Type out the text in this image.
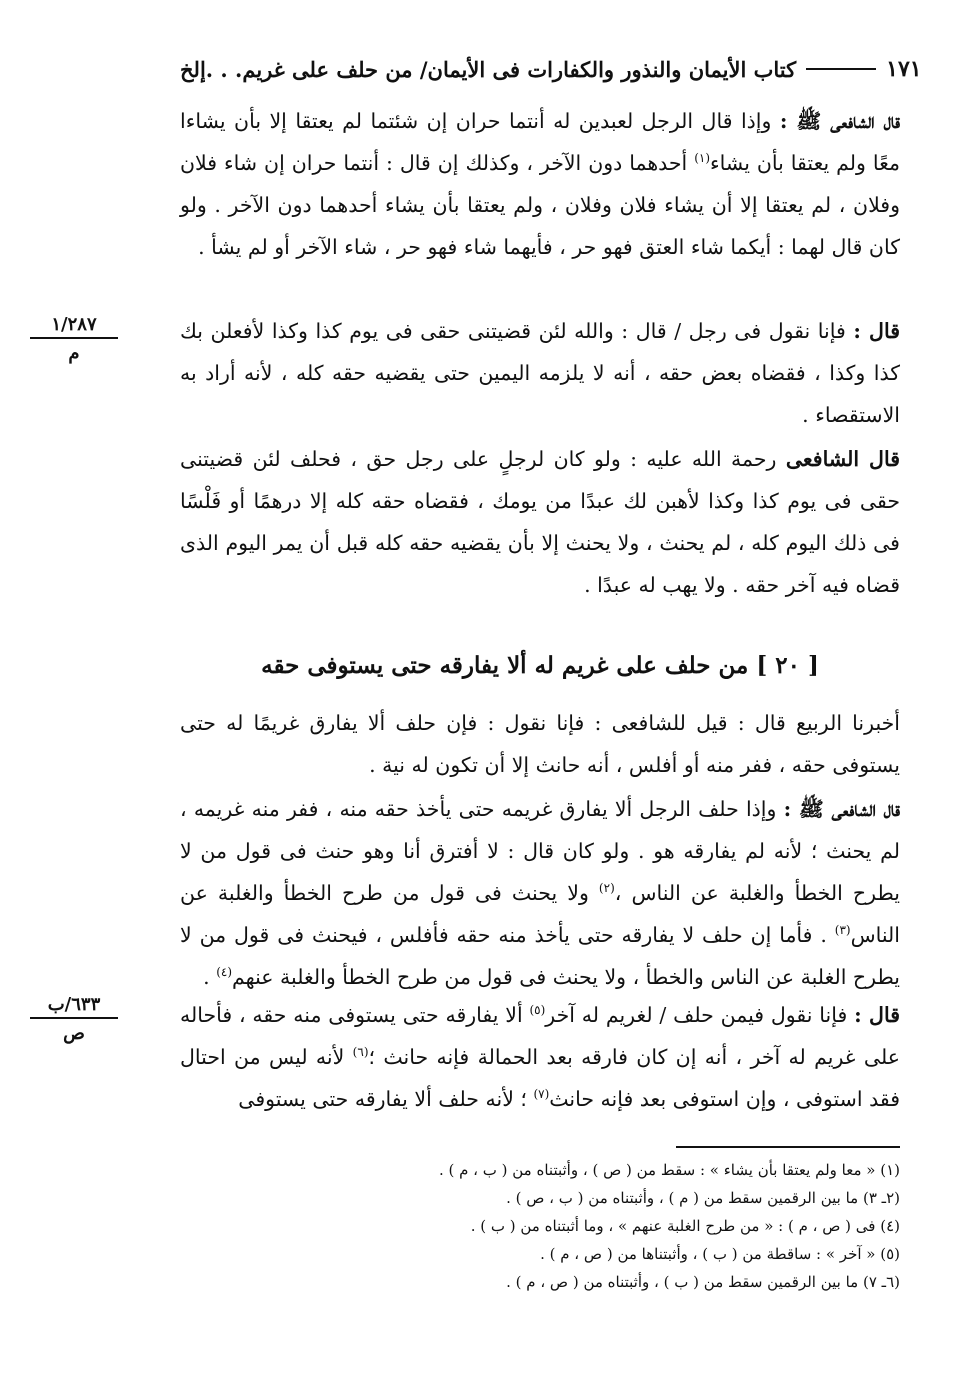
كتاب الأيمان والنذور والكفارات فى الأيمان/ من حلف على غريم. . .إلخ	١٧١
قال الشافعى ﷺ : وإذا قال الرجل لعبدين له أنتما حران إن شئتما لم يعتقا إلا بأن يشاءا معًا ولم يعتقا بأن يشاء$^{(١)}$ أحدهما دون الآخر ، وكذلك إن قال : أنتما حران إن شاء فلان وفلان ، لم يعتقا إلا أن يشاء فلان وفلان ، ولم يعتقا بأن يشاء أحدهما دون الآخر . ولو كان قال لهما : أيكما شاء العتق فهو حر ، فأيهما شاء فهو حر ، شاء الآخر أو لم يشأ .
١/٢٨٧
م
قال : فإنا نقول فى رجل / قال : والله لئن قضيتنى حقى فى يوم كذا وكذا لأفعلن بك كذا وكذا ، فقضاه بعض حقه ، أنه لا يلزمه اليمين حتى يقضيه حقه كله ، لأنه أراد به الاستقصاء .
قال الشافعى رحمة الله عليه : ولو كان لرجلٍ على رجل حق ، فحلف لئن قضيتنى حقى فى يوم كذا وكذا لأهبن لك عبدًا من يومك ، فقضاه حقه كله إلا درهمًا أو فَلْسًا فى ذلك اليوم كله ، لم يحنث ، ولا يحنث إلا بأن يقضيه حقه كله قبل أن يمر اليوم الذى قضاه فيه آخر حقه . ولا يهب له عبدًا .
[ ٢٠ ] من حلف على غريم له ألا يفارقه حتى يستوفى حقه
أخبرنا الربيع قال : قيل للشافعى : فإنا نقول : فإن حلف ألا يفارق غريمًا له حتى يستوفى حقه ، ففر منه أو أفلس ، أنه حانث إلا أن تكون له نية .
قال الشافعى ﷺ : وإذا حلف الرجل ألا يفارق غريمه حتى يأخذ حقه منه ، ففر منه غريمه ، لم يحنث ؛ لأنه لم يفارقه هو . ولو كان قال : لا أفترق أنا وهو حنث فى قول من لا يطرح الخطأ والغلبة عن الناس ،$^{(٢)}$ ولا يحنث فى قول من طرح الخطأ والغلبة عن الناس$^{(٣)}$ . فأما إن حلف لا يفارقه حتى يأخذ منه حقه فأفلس ، فيحنث فى قول من لا يطرح الغلبة عن الناس والخطأ ، ولا يحنث فى قول من طرح الخطأ والغلبة عنهم$^{(٤)}$ .
٦٣٣/ب
ص
قال : فإنا نقول فيمن حلف / لغريم له آخر$^{(٥)}$ ألا يفارقه حتى يستوفى منه حقه ، فأحاله على غريم له آخر ، أنه إن كان فارقه بعد الحمالة فإنه حانث ؛$^{(٦)}$ لأنه ليس من احتال فقد استوفى ، وإن استوفى بعد فإنه حانث$^{(٧)}$ ؛ لأنه حلف ألا يفارقه حتى يستوفى
(١) « معا ولم يعتقا بأن يشاء » : سقط من ( ص ) ، وأثبتناه من ( ب ، م ) .
(٢ـ ٣) ما بين الرقمين سقط من ( م ) ، وأثبتناه من ( ب ، ص ) .
(٤) فى ( ص ، م ) : « من طرح الغلبة عنهم » ، وما أثبتناه من ( ب ) .
(٥) « آخر » : ساقطة من ( ب ) ، وأثبتناها من ( ص ، م ) .
(٦ـ ٧) ما بين الرقمين سقط من ( ب ) ، وأثبتناه من ( ص ، م ) .
